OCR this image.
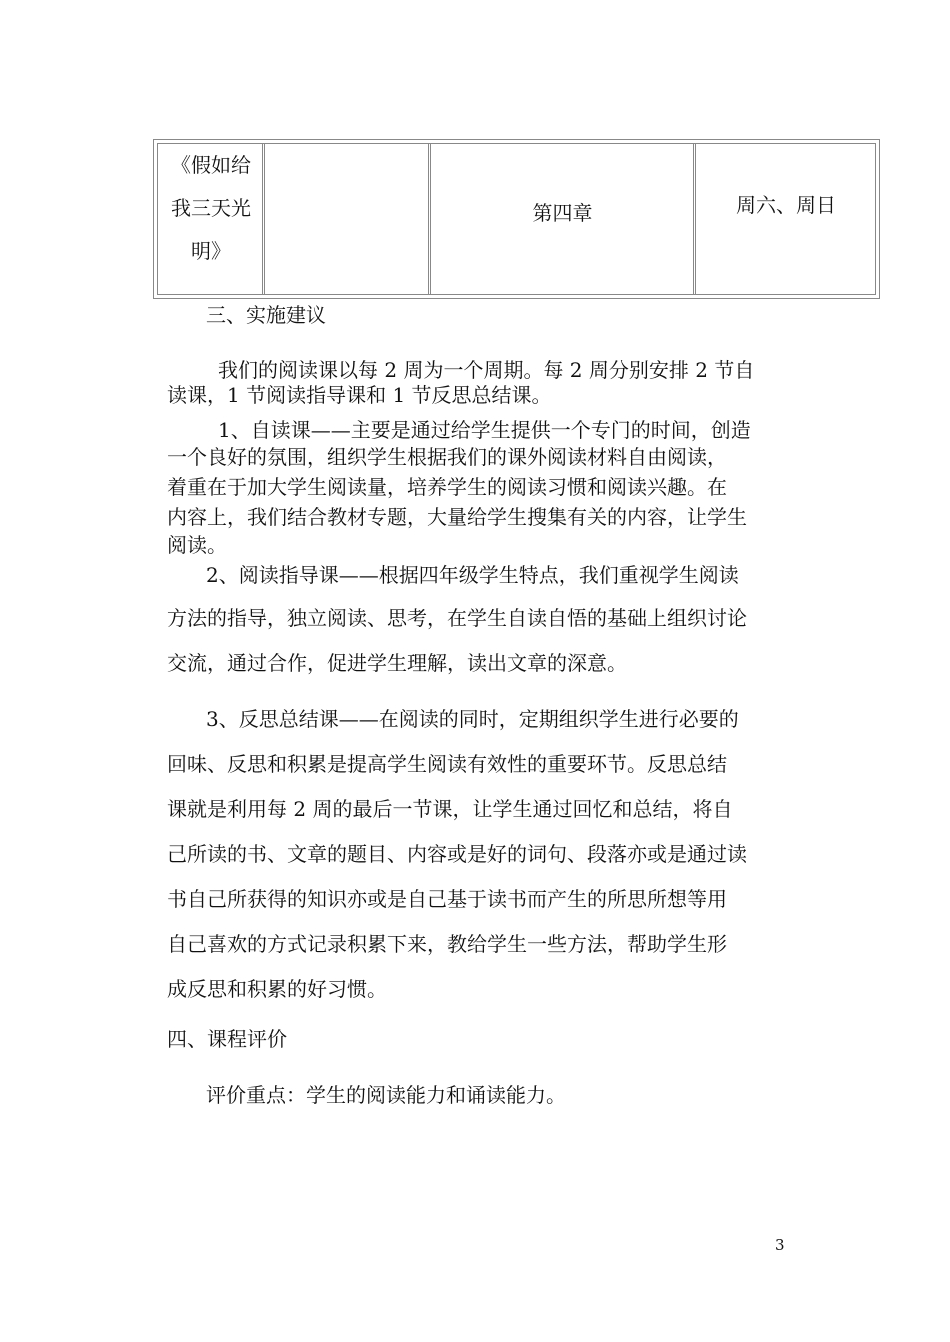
《假如给
我三天光
明》
第四章	周六、周日
三、实施建议
我们的阅读课以每 2 周为一个周期。每 2 周分别安排 2 节自
读课，1 节阅读指导课和 1 节反思总结课。
1、自读课——主要是通过给学生提供一个专门的时间，创造
一个良好的氛围，组织学生根据我们的课外阅读材料自由阅读，
着重在于加大学生阅读量，培养学生的阅读习惯和阅读兴趣。在
内容上，我们结合教材专题，大量给学生搜集有关的内容，让学生
阅读。
2、阅读指导课——根据四年级学生特点，我们重视学生阅读
方法的指导，独立阅读、思考，在学生自读自悟的基础上组织讨论
交流，通过合作，促进学生理解，读出文章的深意。
3、反思总结课——在阅读的同时，定期组织学生进行必要的
回味、反思和积累是提高学生阅读有效性的重要环节。反思总结
课就是利用每 2 周的最后一节课，让学生通过回忆和总结，将自
己所读的书、文章的题目、内容或是好的词句、段落亦或是通过读
书自己所获得的知识亦或是自己基于读书而产生的所思所想等用
自己喜欢的方式记录积累下来，教给学生一些方法，帮助学生形
成反思和积累的好习惯。
四、课程评价
评价重点：学生的阅读能力和诵读能力。
3
